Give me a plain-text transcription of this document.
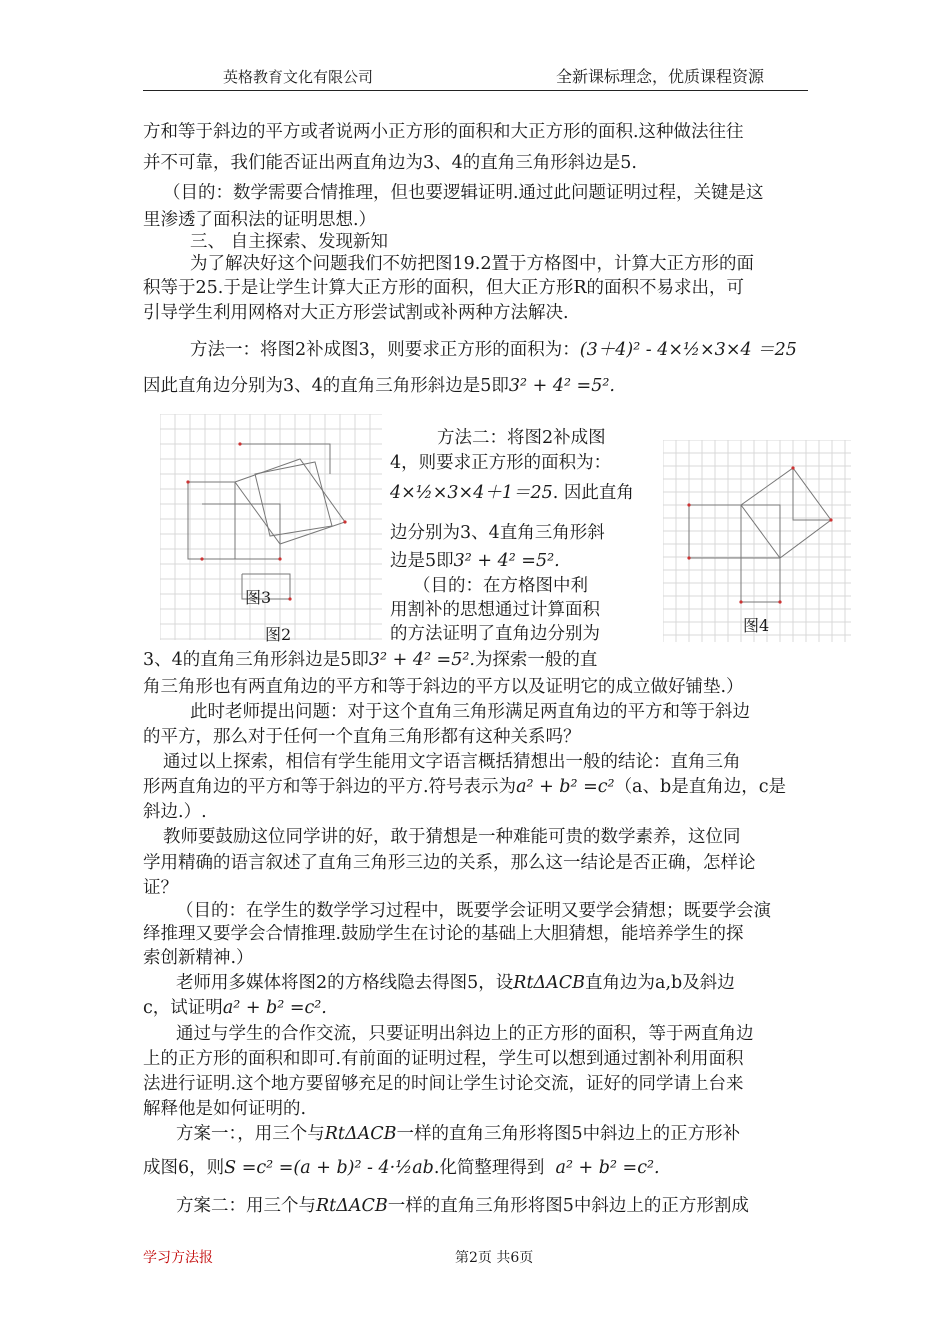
英格教育文化有限公司	全新课标理念，优质课程资源
方和等于斜边的平方或者说两小正方形的面积和大正方形的面积.这种做法往往
并不可靠，我们能否证出两直角边为3、4的直角三角形斜边是5.
（目的：数学需要合情推理，但也要逻辑证明.通过此问题证明过程，关键是这
里渗透了面积法的证明思想.）
三、 自主探索、发现新知
为了解决好这个问题我们不妨把图19.2置于方格图中，计算大正方形的面
积等于25.于是让学生计算大正方形的面积，但大正方形R的面积不易求出，可
引导学生利用网格对大正方形尝试割或补两种方法解决.
方法一：将图2补成图3，则要求正方形的面积为：(3＋4)² - 4×½×3×4 ＝25
因此直角边分别为3、4的直角三角形斜边是5即3² + 4² =5².
图3
图2
方法二：将图2补成图
4，则要求正方形的面积为：
4×½×3×4＋1＝25. 因此直角
边分别为3、4直角三角形斜
边是5即3² + 4² =5².
（目的：在方格图中利
用割补的思想通过计算面积
的方法证明了直角边分别为	图4
3、4的直角三角形斜边是5即3² + 4² =5².为探索一般的直
角三角形也有两直角边的平方和等于斜边的平方以及证明它的成立做好铺垫.）
此时老师提出问题：对于这个直角三角形满足两直角边的平方和等于斜边
的平方，那么对于任何一个直角三角形都有这种关系吗？
通过以上探索，相信有学生能用文字语言概括猜想出一般的结论：直角三角
形两直角边的平方和等于斜边的平方.符号表示为a² + b² =c²（a、b是直角边，c是
斜边.）.
教师要鼓励这位同学讲的好，敢于猜想是一种难能可贵的数学素养，这位同
学用精确的语言叙述了直角三角形三边的关系，那么这一结论是否正确，怎样论
证？
（目的：在学生的数学学习过程中，既要学会证明又要学会猜想；既要学会演
绎推理又要学会合情推理.鼓励学生在讨论的基础上大胆猜想，能培养学生的探
索创新精神.）
老师用多媒体将图2的方格线隐去得图5，设RtΔACB直角边为a,b及斜边
c，试证明a² + b² =c².
通过与学生的合作交流，只要证明出斜边上的正方形的面积，等于两直角边
上的正方形的面积和即可.有前面的证明过程，学生可以想到通过割补利用面积
法进行证明.这个地方要留够充足的时间让学生讨论交流，证好的同学请上台来
解释他是如何证明的.
方案一：，用三个与RtΔACB一样的直角三角形将图5中斜边上的正方形补
成图6，则S =c² =(a + b)² - 4·½ab.化简整理得到 a² + b² =c².
方案二：用三个与RtΔACB一样的直角三角形将图5中斜边上的正方形割成
学习方法报	第2页 共6页
